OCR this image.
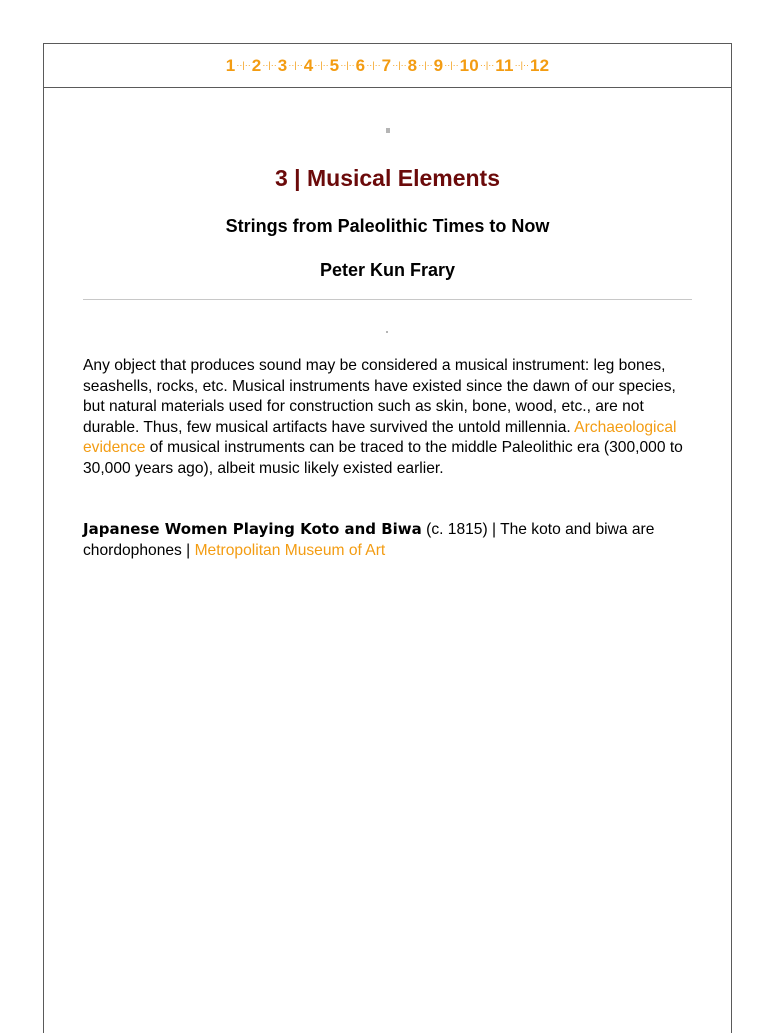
1 ··|·· 2 ··|·· 3 ··|·· 4 ··|·· 5 ··|·· 6 ··|·· 7 ··|·· 8 ··|·· 9 ··|·· 10 ··|·· 11 ··|·· 12
3 | Musical Elements
Strings from Paleolithic Times to Now
Peter Kun Frary

Any object that produces sound may be considered a musical instrument: leg bones, seashells, rocks, etc. Musical instruments have existed since the dawn of our species, but natural materials used for construction such as skin, bone, wood, etc., are not durable. Thus, few musical artifacts have survived the untold millennia. Archaeological evidence of musical instruments can be traced to the middle Paleolithic era (300,000 to 30,000 years ago), albeit music likely existed earlier.

Japanese Women Playing Koto and Biwa (c. 1815) | The koto and biwa are chordophones | Metropolitan Museum of Art
